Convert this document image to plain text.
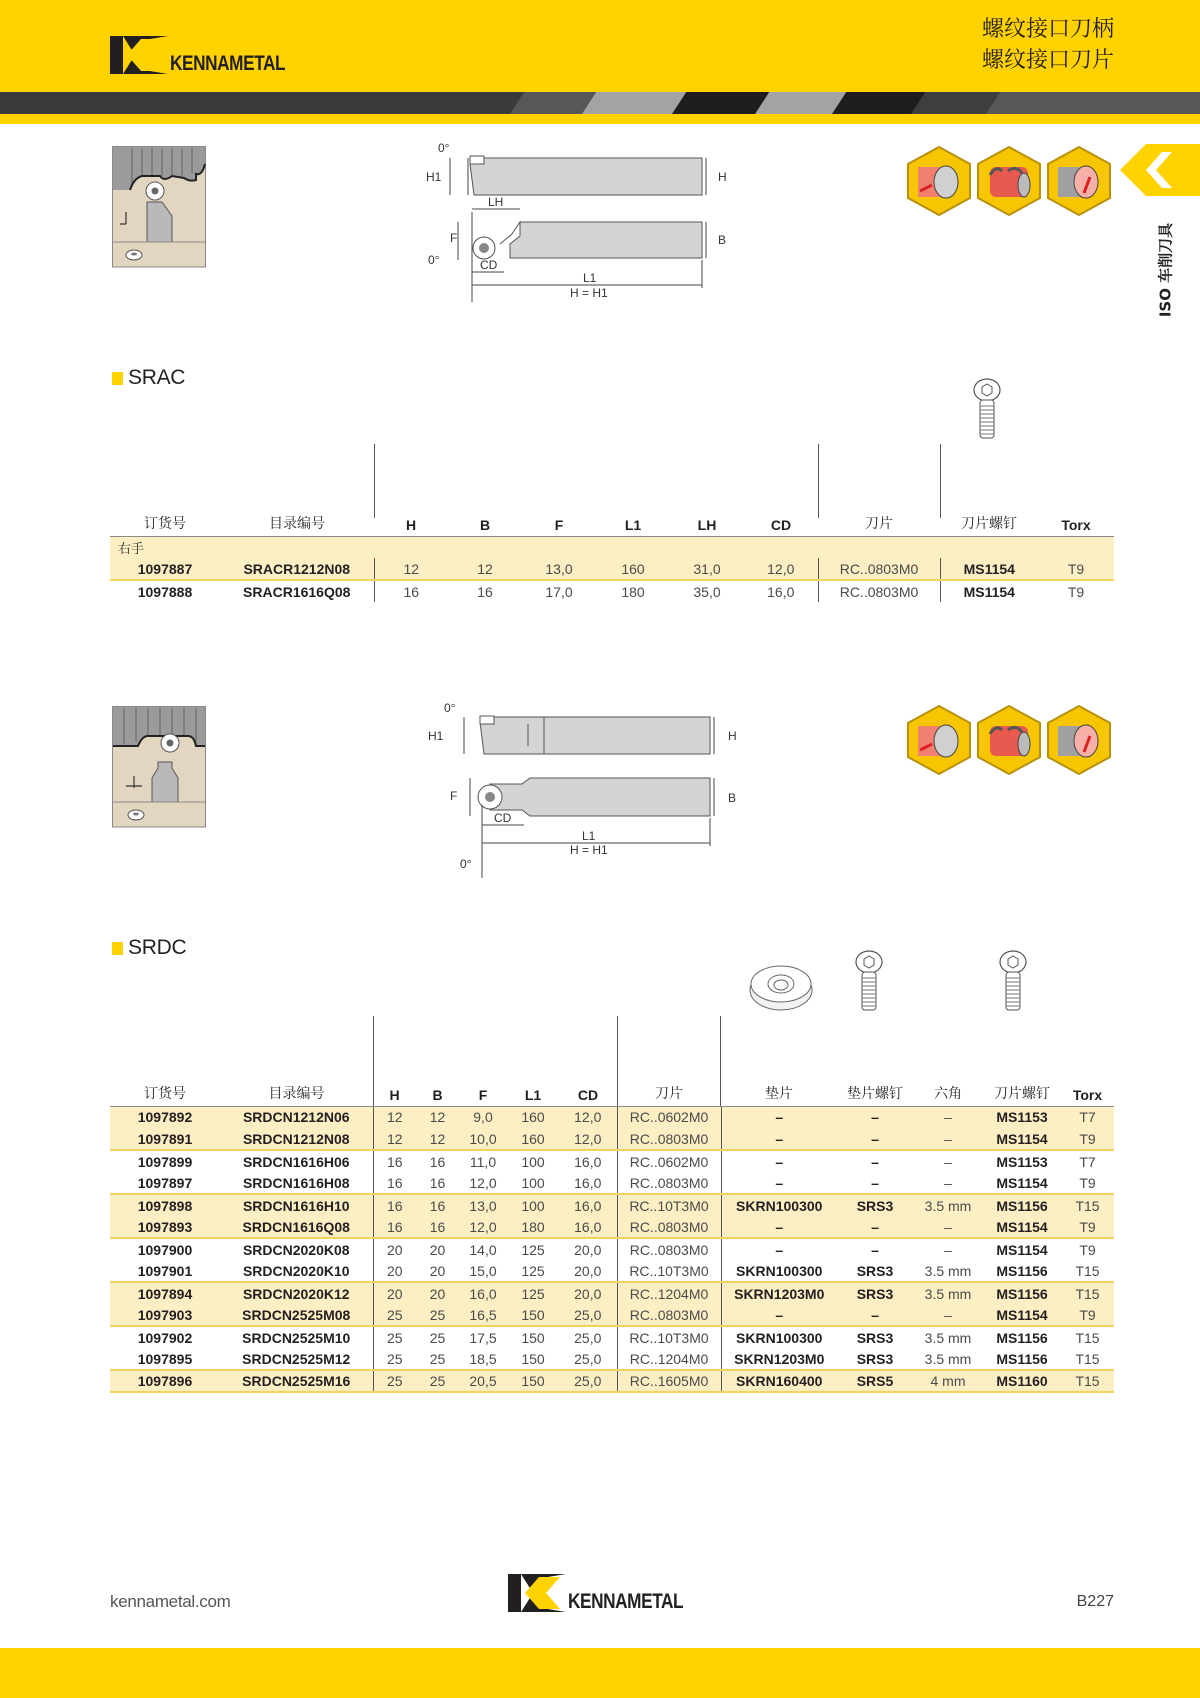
KENNAMETAL
螺纹接口刀柄
螺纹接口刀片
ISO 车削刀具
H1
0°
H
LH
F
0°	CD
L1
H = H1
B
SRAC
订货号	目录编号	H	B	F	L1	LH	CD	刀片	刀片螺钉	Torx
右手										
1097887	SRACR1212N08	12	12	13,0	160	31,0	12,0	RC..0803M0	MS1154	T9
1097888	SRACR1616Q08	16	16	17,0	180	35,0	16,0	RC..0803M0	MS1154	T9
H1
0°
H
F	B
CD
L1
H = H1
0°
SRDC
订货号	目录编号	H	B	F	L1	CD	刀片	垫片	垫片螺钉	六角	刀片螺钉	Torx
1097892	SRDCN1212N06	12	12	9,0	160	12,0	RC..0602M0	–	–	–	MS1153	T7
1097891	SRDCN1212N08	12	12	10,0	160	12,0	RC..0803M0	–	–	–	MS1154	T9
1097899	SRDCN1616H06	16	16	11,0	100	16,0	RC..0602M0	–	–	–	MS1153	T7
1097897	SRDCN1616H08	16	16	12,0	100	16,0	RC..0803M0	–	–	–	MS1154	T9
1097898	SRDCN1616H10	16	16	13,0	100	16,0	RC..10T3M0	SKRN100300	SRS3	3.5 mm	MS1156	T15
1097893	SRDCN1616Q08	16	16	12,0	180	16,0	RC..0803M0	–	–	–	MS1154	T9
1097900	SRDCN2020K08	20	20	14,0	125	20,0	RC..0803M0	–	–	–	MS1154	T9
1097901	SRDCN2020K10	20	20	15,0	125	20,0	RC..10T3M0	SKRN100300	SRS3	3.5 mm	MS1156	T15
1097894	SRDCN2020K12	20	20	16,0	125	20,0	RC..1204M0	SKRN1203M0	SRS3	3.5 mm	MS1156	T15
1097903	SRDCN2525M08	25	25	16,5	150	25,0	RC..0803M0	–	–	–	MS1154	T9
1097902	SRDCN2525M10	25	25	17,5	150	25,0	RC..10T3M0	SKRN100300	SRS3	3.5 mm	MS1156	T15
1097895	SRDCN2525M12	25	25	18,5	150	25,0	RC..1204M0	SKRN1203M0	SRS3	3.5 mm	MS1156	T15
1097896	SRDCN2525M16	25	25	20,5	150	25,0	RC..1605M0	SKRN160400	SRS5	4 mm	MS1160	T15
kennametal.com	KENNAMETAL	B227
